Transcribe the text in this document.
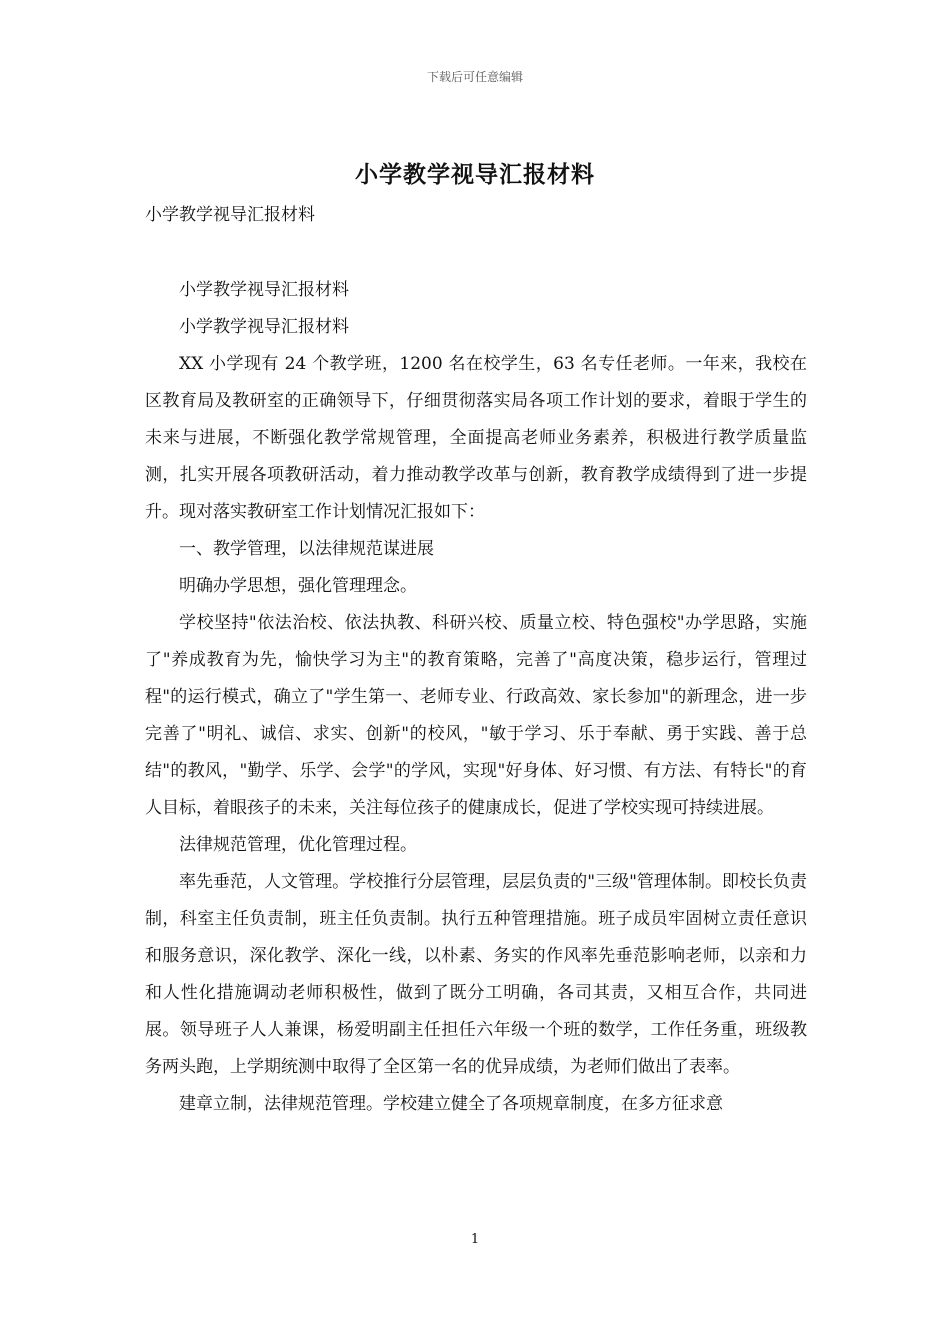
下载后可任意编辑
小学教学视导汇报材料
小学教学视导汇报材料

小学教学视导汇报材料

小学教学视导汇报材料

XX 小学现有 24 个教学班，1200 名在校学生，63 名专任老师。一年来，我校在区教育局及教研室的正确领导下，仔细贯彻落实局各项工作计划的要求，着眼于学生的未来与进展，不断强化教学常规管理，全面提高老师业务素养，积极进行教学质量监测，扎实开展各项教研活动，着力推动教学改革与创新，教育教学成绩得到了进一步提升。现对落实教研室工作计划情况汇报如下：

一、教学管理，以法律规范谋进展

明确办学思想，强化管理理念。

学校坚持"依法治校、依法执教、科研兴校、质量立校、特色强校"办学思路，实施了"养成教育为先，愉快学习为主"的教育策略，完善了"高度决策，稳步运行，管理过程"的运行模式，确立了"学生第一、老师专业、行政高效、家长参加"的新理念，进一步完善了"明礼、诚信、求实、创新"的校风，"敏于学习、乐于奉献、勇于实践、善于总结"的教风，"勤学、乐学、会学"的学风，实现"好身体、好习惯、有方法、有特长"的育人目标，着眼孩子的未来，关注每位孩子的健康成长，促进了学校实现可持续进展。

法律规范管理，优化管理过程。

率先垂范，人文管理。学校推行分层管理，层层负责的"三级"管理体制。即校长负责制，科室主任负责制，班主任负责制。执行五种管理措施。班子成员牢固树立责任意识和服务意识，深化教学、深化一线，以朴素、务实的作风率先垂范影响老师，以亲和力和人性化措施调动老师积极性，做到了既分工明确，各司其责，又相互合作，共同进展。领导班子人人兼课，杨爱明副主任担任六年级一个班的数学，工作任务重，班级教务两头跑，上学期统测中取得了全区第一名的优异成绩，为老师们做出了表率。

建章立制，法律规范管理。学校建立健全了各项规章制度，在多方征求意

1
